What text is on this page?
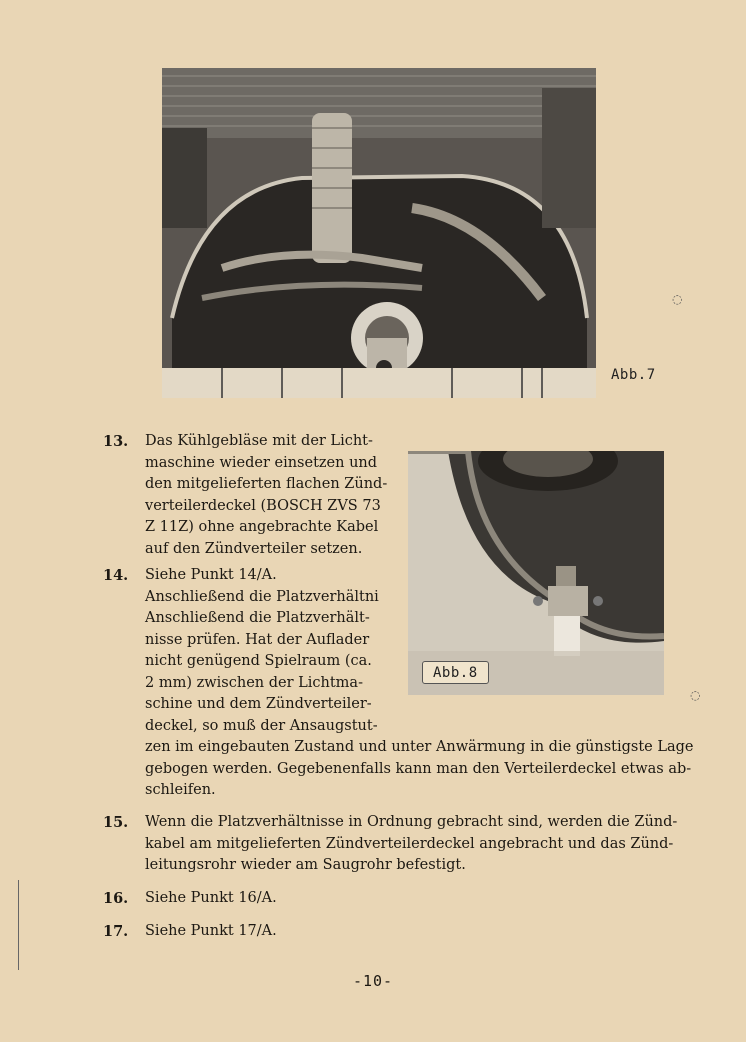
Abb.7
Abb.8
13. Das Kühlgebläse mit der Licht-
maschine wieder einsetzen und
den mitgelieferten flachen Zünd-
verteilerdeckel (BOSCH ZVS 73
Z 11Z) ohne angebrachte Kabel
auf den Zündverteiler setzen.
14. Siehe Punkt 14/A.
Anschließend die Platzverhältni
Anschließend die Platzverhält-
nisse prüfen. Hat der Auflader
nicht genügend Spielraum (ca.
2 mm) zwischen der Lichtma-
schine und dem Zündverteiler-
deckel, so muß der Ansaugstut-
zen im eingebauten Zustand und unter Anwärmung in die günstigste Lage
gebogen werden. Gegebenenfalls kann man den Verteilerdeckel etwas ab-
schleifen.
15. Wenn die Platzverhältnisse in Ordnung gebracht sind, werden die Zünd-
kabel am mitgelieferten Zündverteilerdeckel angebracht und das Zünd-
leitungsrohr wieder am Saugrohr befestigt.
16. Siehe Punkt 16/A.
17. Siehe Punkt 17/A.
-10-
◌
◌
